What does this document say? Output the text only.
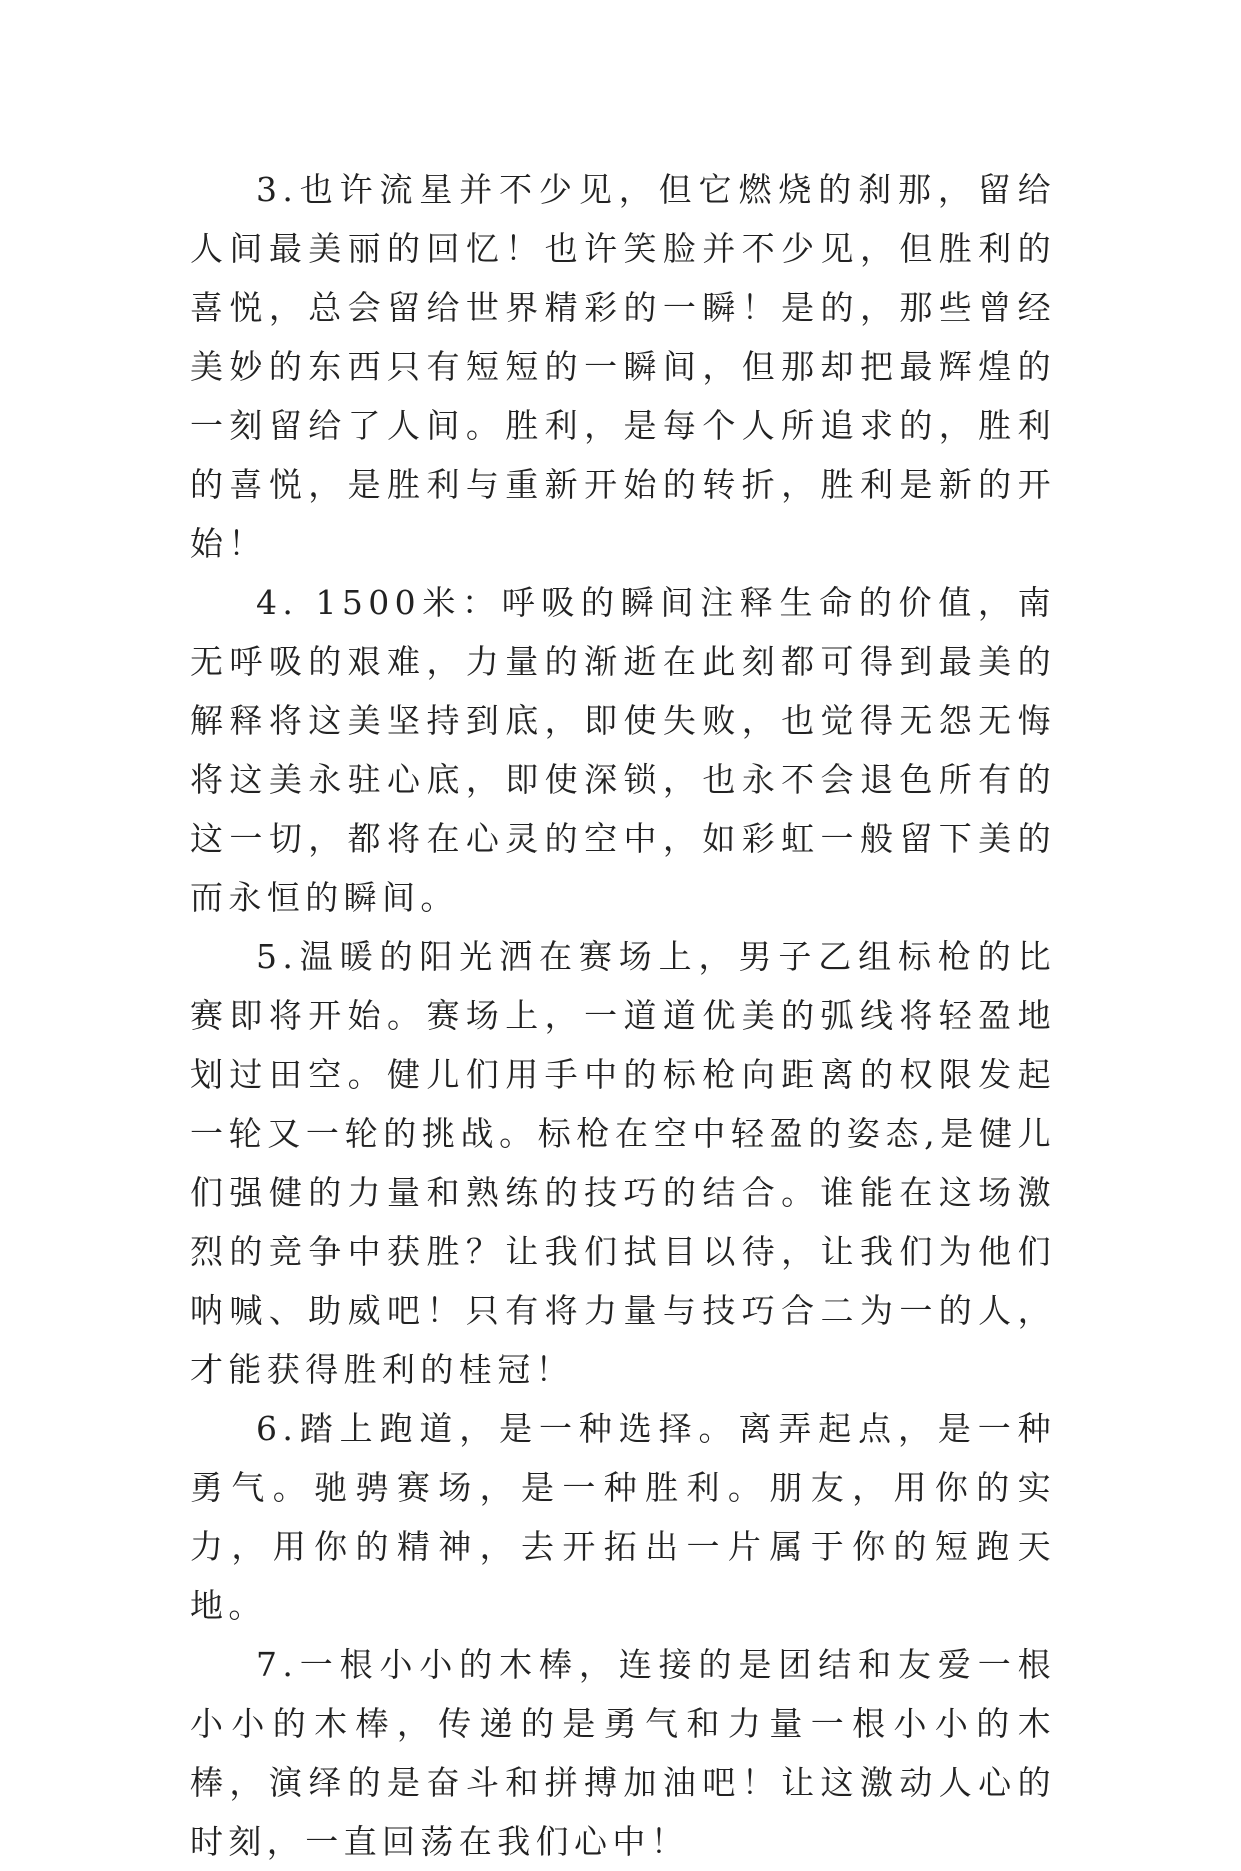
3.也许流星并不少见，但它燃烧的刹那，留给人间最美丽的回忆！也许笑脸并不少见，但胜利的喜悦，总会留给世界精彩的一瞬！是的，那些曾经美妙的东西只有短短的一瞬间，但那却把最辉煌的一刻留给了人间。胜利，是每个人所追求的，胜利的喜悦，是胜利与重新开始的转折，胜利是新的开始！

4. 1500米：呼吸的瞬间注释生命的价值，南无呼吸的艰难，力量的渐逝在此刻都可得到最美的解释将这美坚持到底，即使失败，也觉得无怨无悔将这美永驻心底，即使深锁，也永不会退色所有的这一切，都将在心灵的空中，如彩虹一般留下美的而永恒的瞬间。

5.温暖的阳光洒在赛场上，男子乙组标枪的比赛即将开始。赛场上，一道道优美的弧线将轻盈地划过田空。健儿们用手中的标枪向距离的权限发起一轮又一轮的挑战。标枪在空中轻盈的姿态,是健儿们强健的力量和熟练的技巧的结合。谁能在这场激烈的竞争中获胜？让我们拭目以待，让我们为他们呐喊、助威吧！只有将力量与技巧合二为一的人，才能获得胜利的桂冠！

6.踏上跑道，是一种选择。离弄起点，是一种勇气。驰骋赛场，是一种胜利。朋友，用你的实力，用你的精神，去开拓出一片属于你的短跑天地。

7.一根小小的木棒，连接的是团结和友爱一根小小的木棒，传递的是勇气和力量一根小小的木棒，演绎的是奋斗和拼搏加油吧！让这激动人心的时刻，一直回荡在我们心中！
